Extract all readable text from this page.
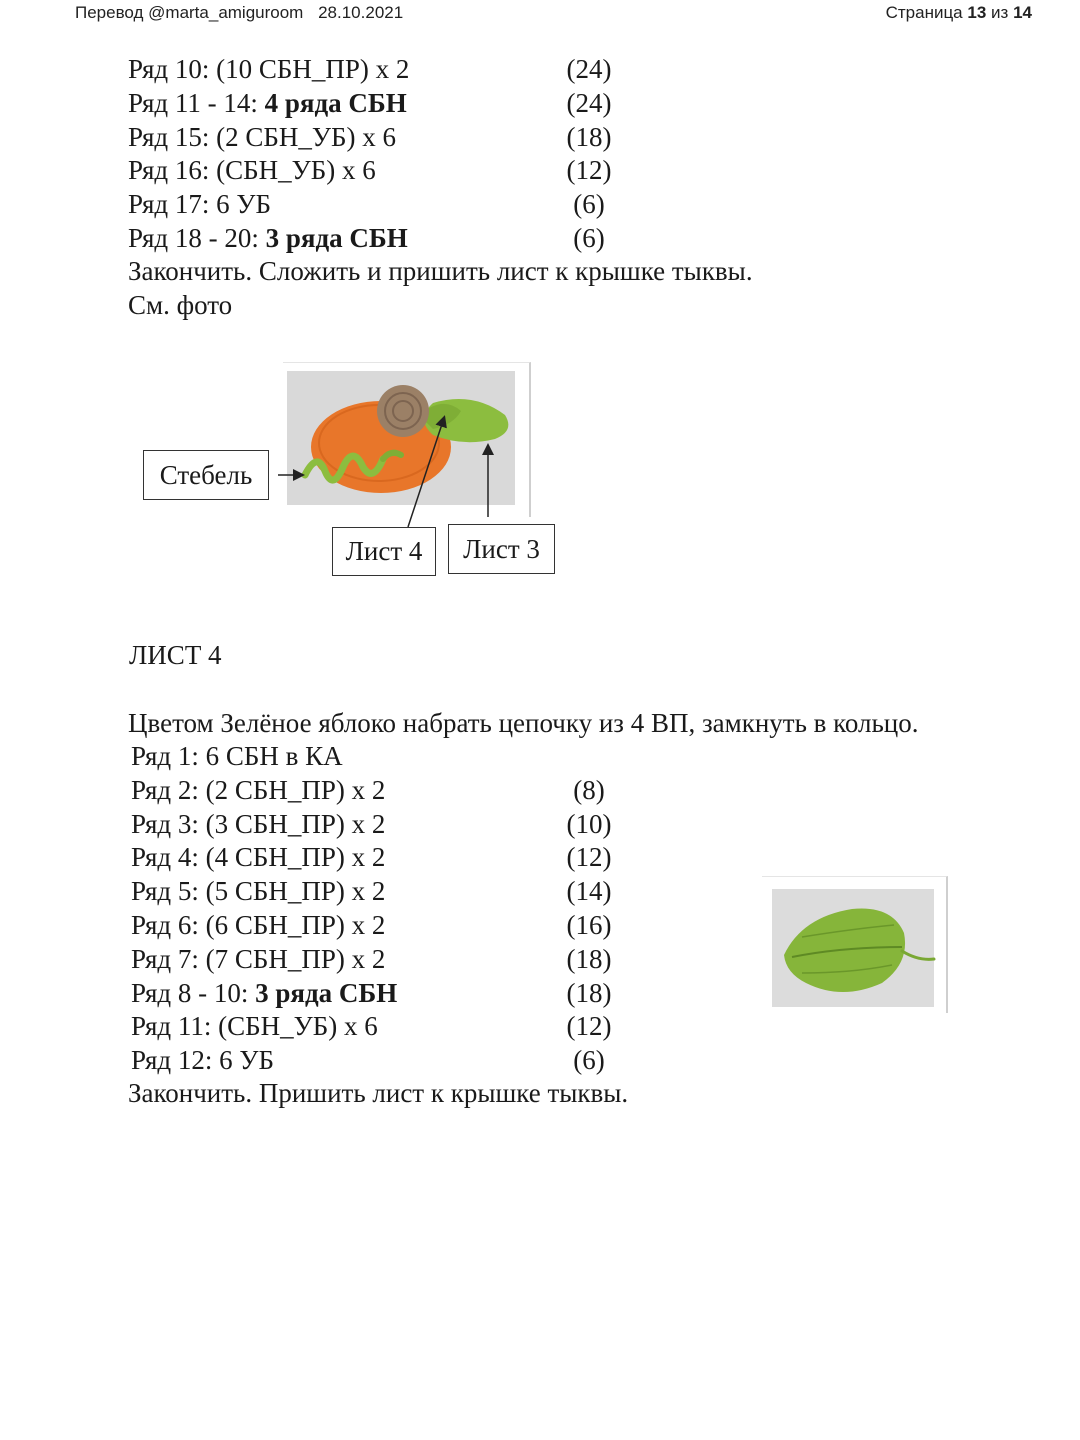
Перевод @marta_amiguroom 28.10.2021	Страница 13 из 14
Ряд 10: (10 СБН_ПР) х 2	(24)
Ряд 11 - 14: 4 ряда СБН	(24)
Ряд 15: (2 СБН_УБ) х 6	(18)
Ряд 16: (СБН_УБ) х 6	(12)
Ряд 17: 6 УБ	(6)
Ряд 18 - 20: 3 ряда СБН	(6)
Закончить. Сложить и пришить лист к крышке тыквы.
См. фото
Стебель
Лист 4	Лист 3
ЛИСТ 4
Цветом Зелёное яблоко набрать цепочку из 4 ВП, замкнуть в кольцо.
Ряд 1: 6 СБН в КА
Ряд 2: (2 СБН_ПР) х 2	(8)
Ряд 3: (3 СБН_ПР) х 2	(10)
Ряд 4: (4 СБН_ПР) х 2	(12)
Ряд 5: (5 СБН_ПР) х 2	(14)
Ряд 6: (6 СБН_ПР) х 2	(16)
Ряд 7: (7 СБН_ПР) х 2	(18)
Ряд 8 - 10: 3 ряда СБН	(18)
Ряд 11: (СБН_УБ) х 6	(12)
Ряд 12: 6 УБ	(6)
Закончить. Пришить лист к крышке тыквы.
